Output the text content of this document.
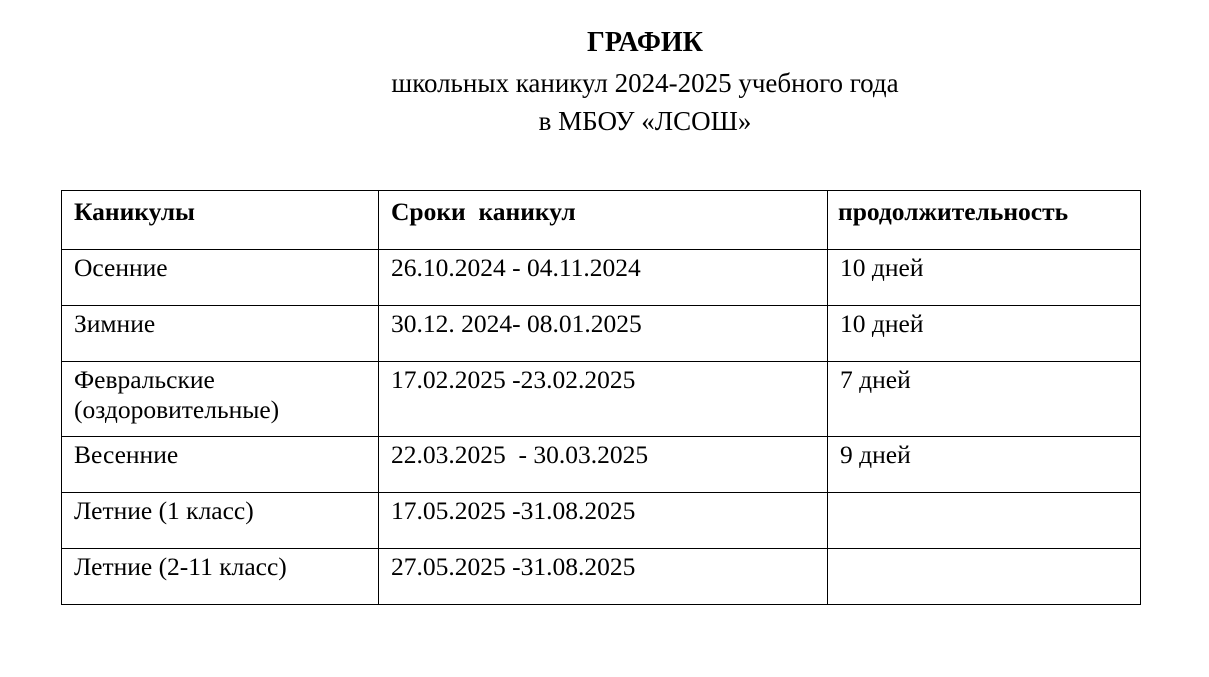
ГРАФИК

школьных каникул 2024-2025 учебного года

в МБОУ «ЛСОШ»

Каникулы	Сроки  каникул	продолжительность
Осенние	26.10.2024 - 04.11.2024	10 дней
Зимние	30.12. 2024- 08.01.2025	10 дней
Февральские (оздоровительные)	17.02.2025 -23.02.2025	7 дней
Весенние	22.03.2025  - 30.03.2025	9 дней
Летние (1 класс)	17.05.2025 -31.08.2025	
Летние (2-11 класс)	27.05.2025 -31.08.2025	
